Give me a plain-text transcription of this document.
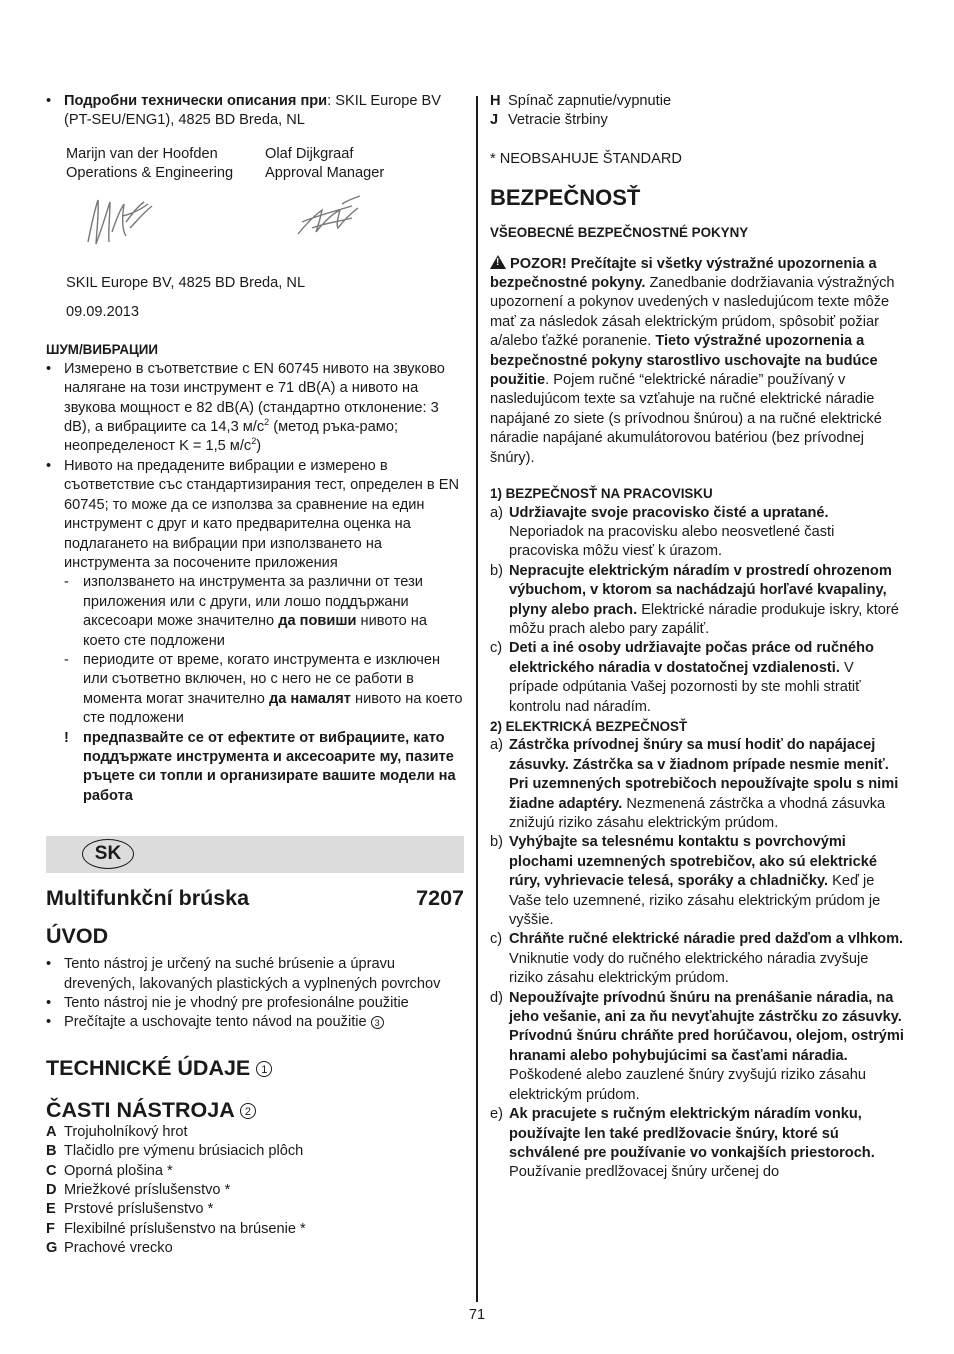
• Подробни технически описания при: SKIL Europe BV (PT-SEU/ENG1), 4825 BD Breda, NL

Marijn van der Hoofden

Operations & Engineering

Olaf Dijkgraaf

Approval Manager

SKIL Europe BV, 4825 BD Breda, NL

09.09.2013

ШУМ/ВИБРАЦИИ

• Измерено в съответствие с EN 60745 нивото на звуково налягане на този инструмент е 71 dB(A) а нивото на звукова мощност е 82 dB(A) (стандартно отклонение: 3 dB), а вибрациите са 14,3 $м/с^2$ (метод ръка-рамо; неопределеност K = 1,5 $м/с^2$)
• Нивото на предадените вибрации е измерено в съответствие със стандартизирания тест, определен в EN 60745; то може да се използва за сравнение на един инструмент с друг и като предварителна оценка на подлагането на вибрации при използването на инструмента за посочените приложения
- използването на инструмента за различни от тези приложения или с други, или лошо поддържани аксесоари може значително да повиши нивото на което сте подложени
- периодите от време, когато инструмента е изключен или съответно включен, но с него не се работи в момента могат значително да намалят нивото на което сте подложени
! предпазвайте се от ефектите от вибрациите, като поддържате инструмента и аксесоарите му, пазите ръцете си топли и организирате вашите модели на работа
SK
Multifunkční brúska	7207
ÚVOD
• Tento nástroj je určený na suché brúsenie a úpravu drevených, lakovaných plastických a vyplnených povrchov
• Tento nástroj nie je vhodný pre profesionálne použitie
• Prečítajte a uschovajte tento návod na použitie 3
TECHNICKÉ ÚDAJE 1
ČASTI NÁSTROJA 2
A Trojuholníkový hrot
B Tlačidlo pre výmenu brúsiacich plôch
C Oporná plošina *
D Mriežkové príslušenstvo *
E Prstové príslušenstvo *
F Flexibilné príslušenstvo na brúsenie *
G Prachové vrecko
H Spínač zapnutie/vypnutie
J Vetracie štrbiny

* NEOBSAHUJE ŠTANDARD

BEZPEČNOSŤ

VŠEOBECNÉ BEZPEČNOSTNÉ POKYNY

!POZOR! Prečítajte si všetky výstražné upozornenia a bezpečnostné pokyny. Zanedbanie dodržiavania výstražných upozornení a pokynov uvedených v nasledujúcom texte môže mať za následok zásah elektrickým prúdom, spôsobiť požiar a/alebo ťažké poranenie. Tieto výstražné upozornenia a bezpečnostné pokyny starostlivo uschovajte na budúce použitie. Pojem ručné “elektrické náradie” používaný v nasledujúcom texte sa vzťahuje na ručné elektrické náradie napájané zo siete (s prívodnou šnúrou) a na ručné elektrické náradie napájané akumulátorovou batériou (bez prívodnej šnúry).

1) BEZPEČNOSŤ NA PRACOVISKU

a) Udržiavajte svoje pracovisko čisté a upratané. Neporiadok na pracovisku alebo neosvetlené časti pracoviska môžu viesť k úrazom.
b) Nepracujte elektrickým náradím v prostredí ohrozenom výbuchom, v ktorom sa nachádzajú horľavé kvapaliny, plyny alebo prach. Elektrické náradie produkuje iskry, ktoré môžu prach alebo pary zapáliť.
c) Deti a iné osoby udržiavajte počas práce od ručného elektrického náradia v dostatočnej vzdialenosti. V prípade odpútania Vašej pozornosti by ste mohli stratiť kontrolu nad náradím.

2) ELEKTRICKÁ BEZPEČNOSŤ

a) Zástrčka prívodnej šnúry sa musí hodiť do napájacej zásuvky. Zástrčka sa v žiadnom prípade nesmie meniť. Pri uzemnených spotrebičoch nepoužívajte spolu s nimi žiadne adaptéry. Nezmenená zástrčka a vhodná zásuvka znižujú riziko zásahu elektrickým prúdom.
b) Vyhýbajte sa telesnému kontaktu s povrchovými plochami uzemnených spotrebičov, ako sú elektrické rúry, vyhrievacie telesá, sporáky a chladničky. Keď je Vaše telo uzemnené, riziko zásahu elektrickým prúdom je vyššie.
c) Chráňte ručné elektrické náradie pred dažďom a vlhkom. Vniknutie vody do ručného elektrického náradia zvyšuje riziko zásahu elektrickým prúdom.
d) Nepoužívajte prívodnú šnúru na prenášanie náradia, na jeho vešanie, ani za ňu nevyťahujte zástrčku zo zásuvky. Prívodnú šnúru chráňte pred horúčavou, olejom, ostrými hranami alebo pohybujúcimi sa časťami náradia. Poškodené alebo zauzlené šnúry zvyšujú riziko zásahu elektrickým prúdom.
e) Ak pracujete s ručným elektrickým náradím vonku, používajte len také predlžovacie šnúry, ktoré sú schválené pre používanie vo vonkajších priestoroch. Používanie predlžovacej šnúry určenej do
71
